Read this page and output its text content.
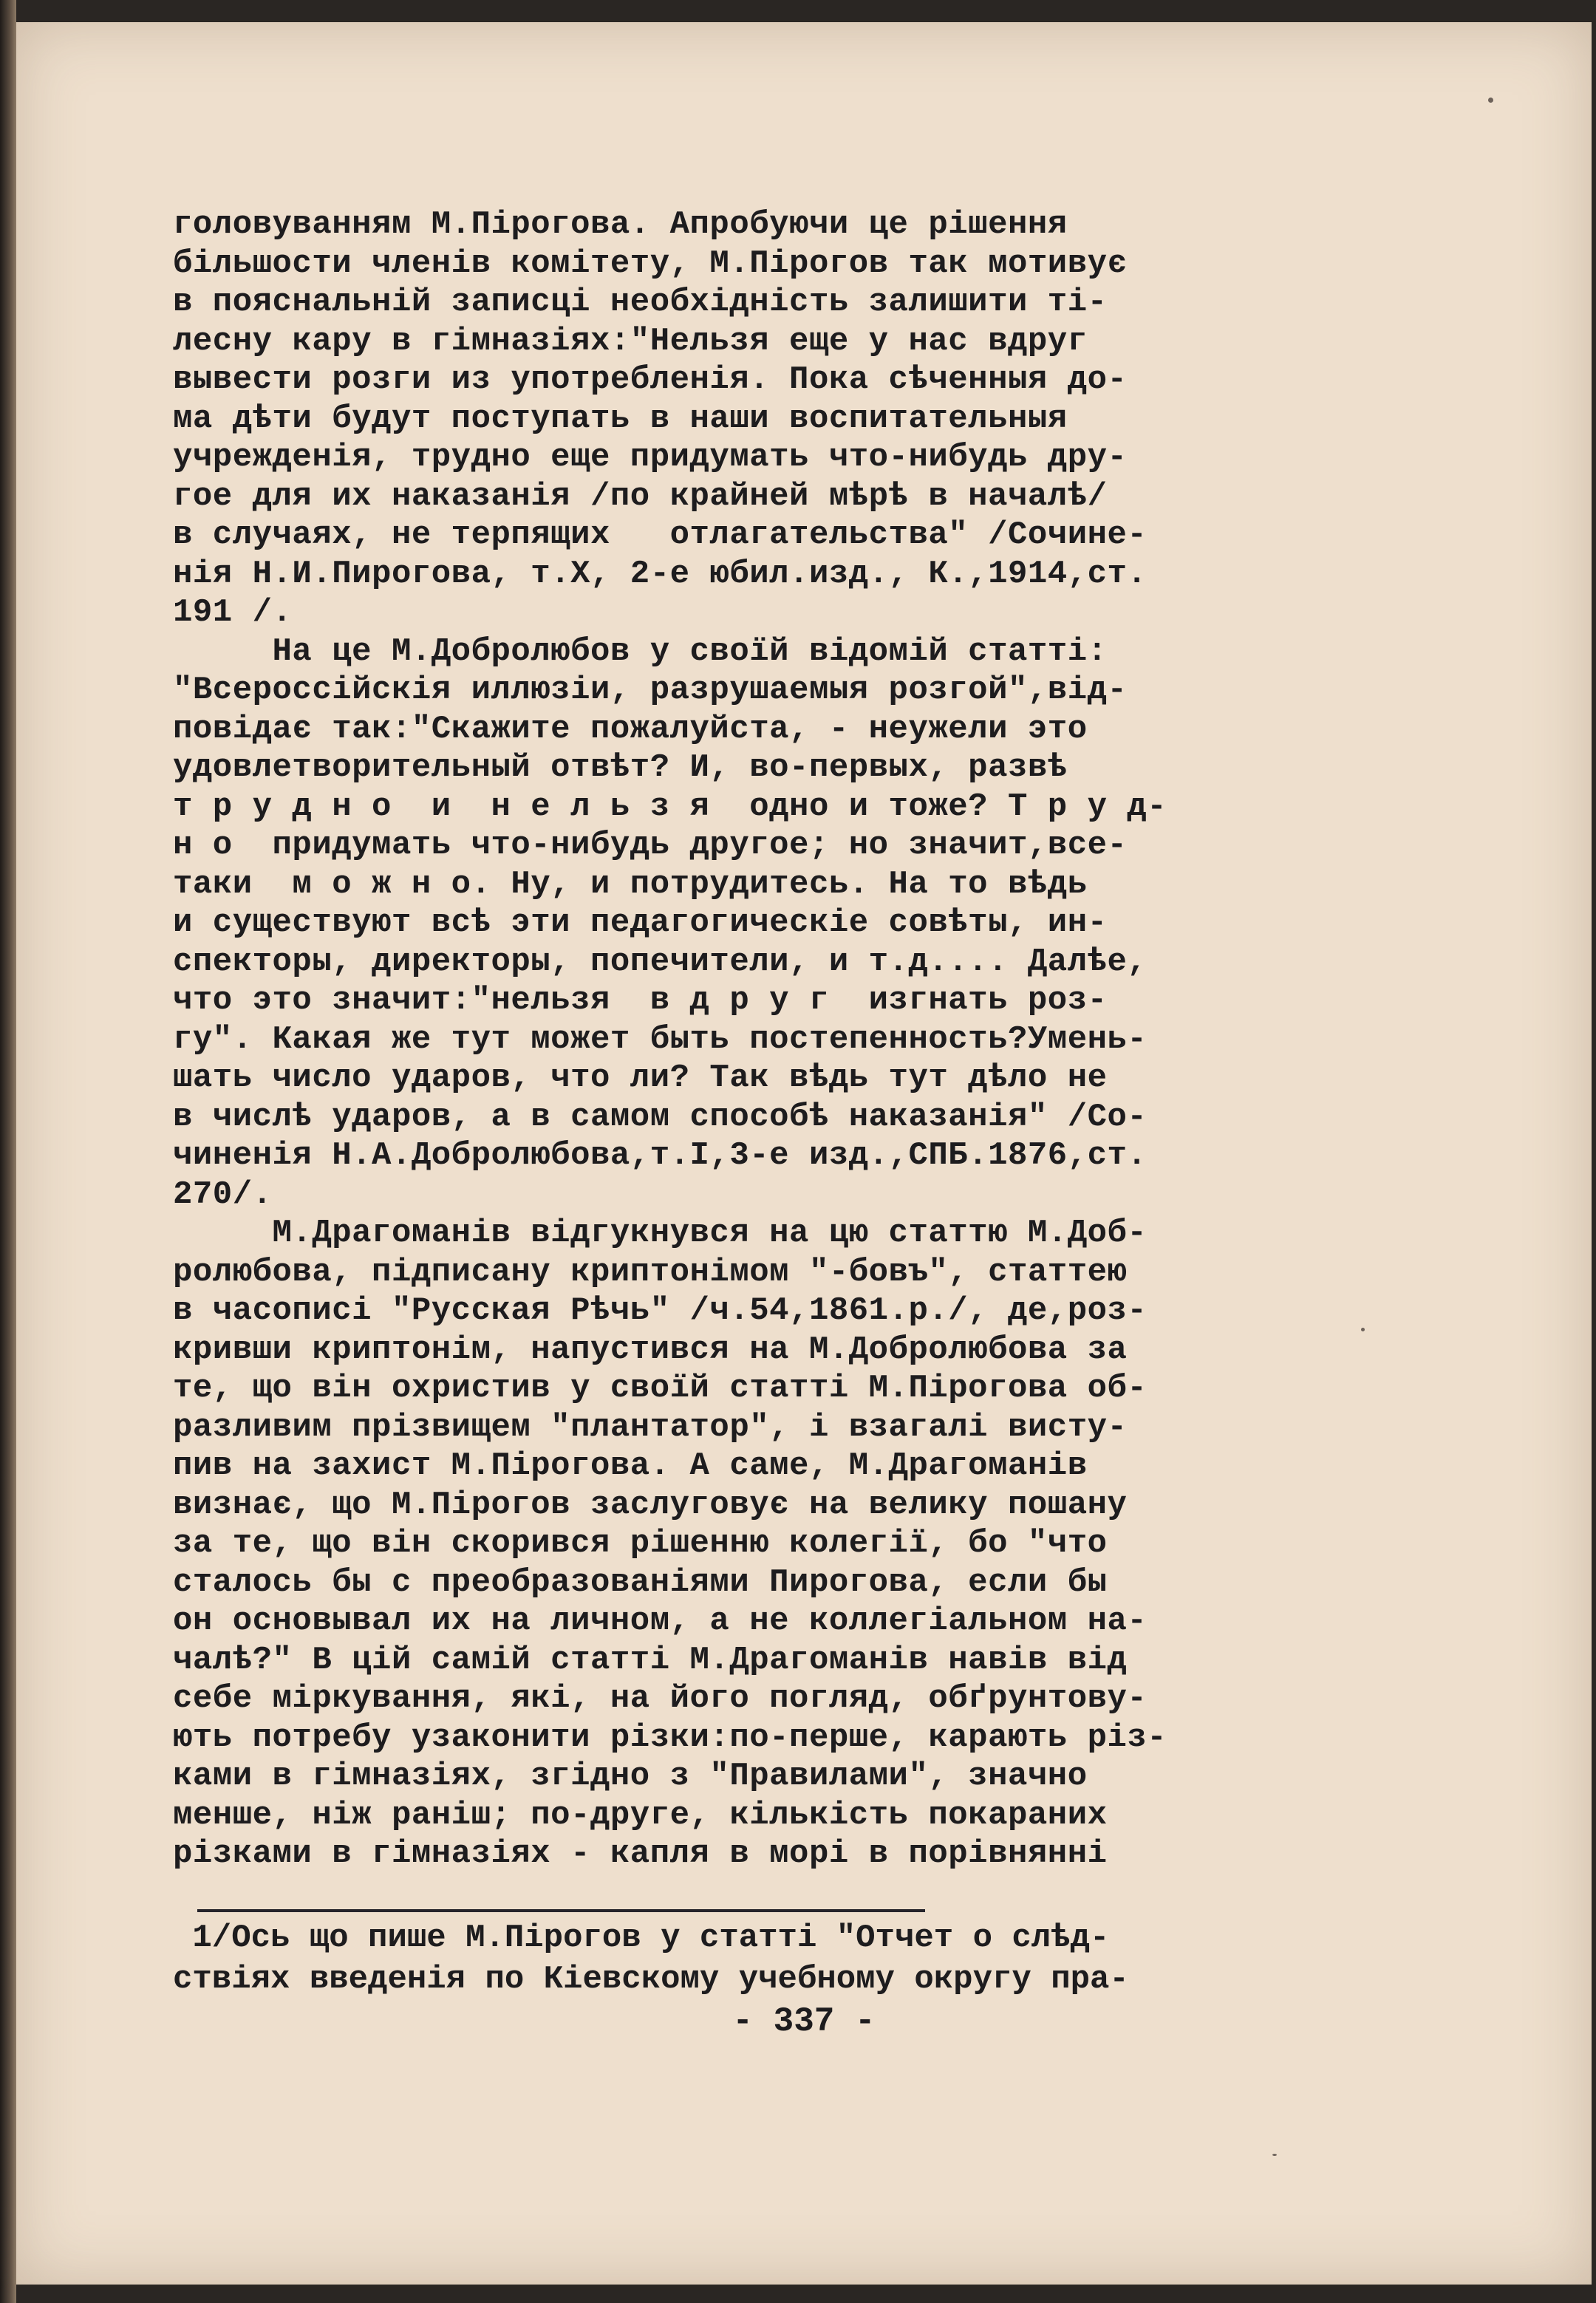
головуванням М.Пірогова. Апробуючи це рішення
більшости членів комітету, М.Пірогов так мотивує
в пояснальній записці необхідність залишити ті-
лесну кару в гімназіях:"Нельзя еще у нас вдруг
вывести розги из употребленія. Пока сѣченныя до-
ма дѣти будут поступать в наши воспитательныя
учрежденія, трудно еще придумать что-нибудь дру-
гое для их наказанія /по крайней мѣрѣ в началѣ/
в случаях, не терпящих   отлагательства" /Сочине-
нія Н.И.Пирогова, т.Х, 2-е юбил.изд., К.,1914,ст.
191 /.
На це М.Добролюбов у своїй відомій статті:
"Всероссійскія иллюзіи, разрушаемыя розгой",від-
повідає так:"Скажите пожалуйста, - неужели это
удовлетворительный отвѣт? И, во-первых, развѣ
т р у д н о  и  н е л ь з я  одно и тоже? Т р у д-
н о  придумать что-нибудь другое; но значит,все-
таки  м о ж н о. Ну, и потрудитесь. На то вѣдь
и существуют всѣ эти педагогическіе совѣты, ин-
спекторы, директоры, попечители, и т.д.... Далѣе,
что это значит:"нельзя  в д р у г  изгнать роз-
гу". Какая же тут может быть постепенность?Умень-
шать число ударов, что ли? Так вѣдь тут дѣло не
в числѣ ударов, а в самом способѣ наказанія" /Со-
чиненія Н.А.Добролюбова,т.I,3-е изд.,СПБ.1876,ст.
270/.
М.Драгоманів відгукнувся на цю статтю М.Доб-
ролюбова, підписану криптонімом "-бовъ", статтею
в часописі "Русская Рѣчь" /ч.54,1861.р./, де,роз-
кривши криптонім, напустився на М.Добролюбова за
те, що він охристив у своїй статті М.Пірогова об-
разливим прізвищем "плантатор", і взагалі висту-
пив на захист М.Пірогова. А саме, М.Драгоманів
визнає, що М.Пірогов заслуговує на велику пошану
за те, що він скорився рішенню колегії, бо "что
сталось бы с преобразованіями Пирогова, если бы
он основывал их на личном, а не коллегіальном на-
чалѣ?" В цій самій статті М.Драгоманів навів від
себе міркування, які, на його погляд, обґрунтову-
ють потребу узаконити різки:по-перше, карають різ-
ками в гімназіях, згідно з "Правилами", значно
менше, ніж раніш; по-друге, кількість покараних
різками в гімназіях - капля в морі в порівнянні
1/Ось що пише М.Пірогов у статті "Отчет о слѣд-
ствіях введенія по Кіевскому учебному округу пра-
- 337 -
